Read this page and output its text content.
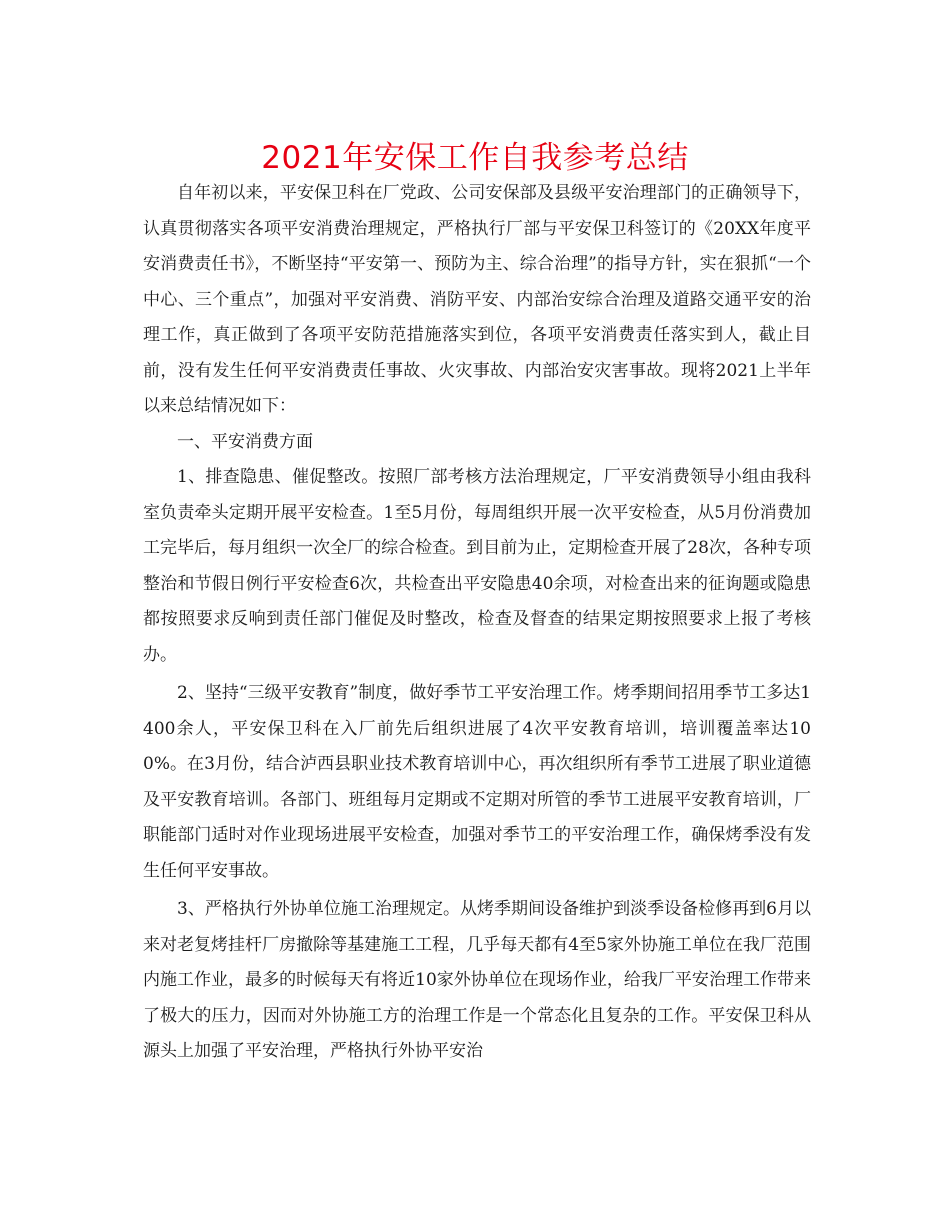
2021年安保工作自我参考总结

自年初以来，平安保卫科在厂党政、公司安保部及县级平安治理部门的正确领导下，认真贯彻落实各项平安消费治理规定，严格执行厂部与平安保卫科签订的《20XX年度平安消费责任书》，不断坚持“平安第一、预防为主、综合治理”的指导方针，实在狠抓“一个中心、三个重点”，加强对平安消费、消防平安、内部治安综合治理及道路交通平安的治理工作，真正做到了各项平安防范措施落实到位，各项平安消费责任落实到人，截止目前，没有发生任何平安消费责任事故、火灾事故、内部治安灾害事故。现将2021上半年以来总结情况如下：

一、平安消费方面

1、排查隐患、催促整改。按照厂部考核方法治理规定，厂平安消费领导小组由我科室负责牵头定期开展平安检查。1至5月份，每周组织开展一次平安检查，从5月份消费加工完毕后，每月组织一次全厂的综合检查。到目前为止，定期检查开展了28次，各种专项整治和节假日例行平安检查6次，共检查出平安隐患40余项，对检查出来的征询题或隐患都按照要求反响到责任部门催促及时整改，检查及督查的结果定期按照要求上报了考核办。

2、坚持“三级平安教育”制度，做好季节工平安治理工作。烤季期间招用季节工多达1400余人，平安保卫科在入厂前先后组织进展了4次平安教育培训，培训覆盖率达100%。在3月份，结合泸西县职业技术教育培训中心，再次组织所有季节工进展了职业道德及平安教育培训。各部门、班组每月定期或不定期对所管的季节工进展平安教育培训，厂职能部门适时对作业现场进展平安检查，加强对季节工的平安治理工作，确保烤季没有发生任何平安事故。

3、严格执行外协单位施工治理规定。从烤季期间设备维护到淡季设备检修再到6月以来对老复烤挂杆厂房撤除等基建施工工程，几乎每天都有4至5家外协施工单位在我厂范围内施工作业，最多的时候每天有将近10家外协单位在现场作业，给我厂平安治理工作带来了极大的压力，因而对外协施工方的治理工作是一个常态化且复杂的工作。平安保卫科从源头上加强了平安治理，严格执行外协平安治
